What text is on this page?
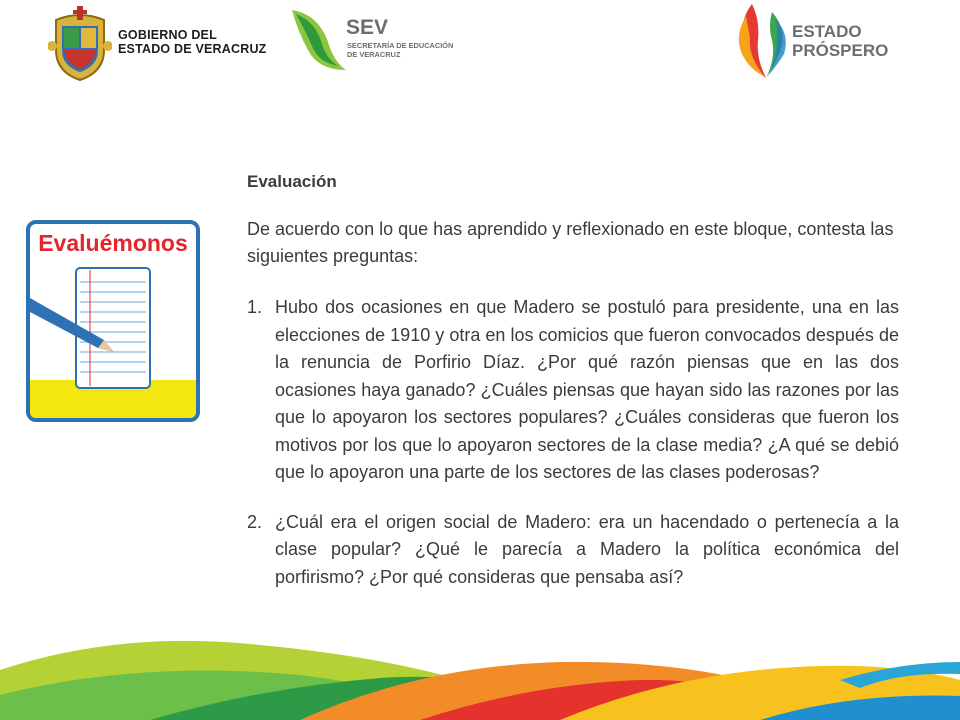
GOBIERNO DEL
ESTADO DE VERACRUZ
SEV
SECRETARÍA DE EDUCACIÓN
DE VERACRUZ
ESTADO
PRÓSPERO
Evaluémonos
Evaluación
De acuerdo con lo que has aprendido y reflexionado en este bloque, contesta las siguientes preguntas:
1. Hubo dos ocasiones en que Madero se postuló para presidente, una en las elecciones de 1910 y otra en los comicios que fueron convocados después de la renuncia de Porfirio Díaz. ¿Por qué razón piensas que en las dos ocasiones haya ganado? ¿Cuáles piensas que hayan sido las razones por las que lo apoyaron los sectores populares? ¿Cuáles consideras que fueron los motivos por los que lo apoyaron sectores de la clase media? ¿A qué se debió que lo apoyaron una parte de los sectores de las clases poderosas?
2. ¿Cuál era el origen social de Madero: era un hacendado o pertenecía a la clase popular? ¿Qué le parecía a Madero la política económica del porfirismo? ¿Por qué consideras que pensaba así?
